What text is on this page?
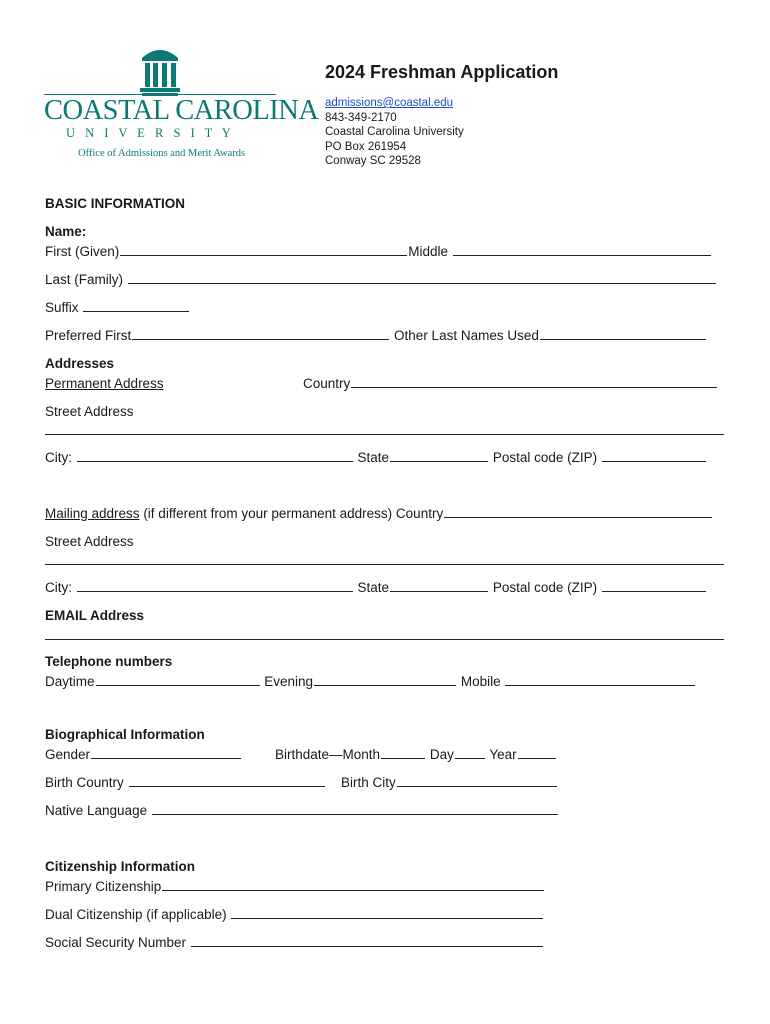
COASTAL CAROLINA
U N I V E R S I T Y
Office of Admissions and Merit Awards
2024 Freshman Application
admissions@coastal.edu
843-349-2170
Coastal Carolina University
PO Box 261954
Conway SC 29528
BASIC INFORMATION
Name:
First (Given)	Middle
Last (Family)
Suffix
Preferred First	Other Last Names Used
Addresses
Permanent Address	Country
Street Address
City:	State	Postal code (ZIP)
Mailing address (if different from your permanent address) Country
Street Address
City:	State	Postal code (ZIP)
EMAIL Address
Telephone numbers
Daytime	Evening	Mobile
Biographical Information
Gender	Birthdate—Month	Day	Year
Birth Country	Birth City
Native Language
Citizenship Information
Primary Citizenship
Dual Citizenship (if applicable)
Social Security Number
